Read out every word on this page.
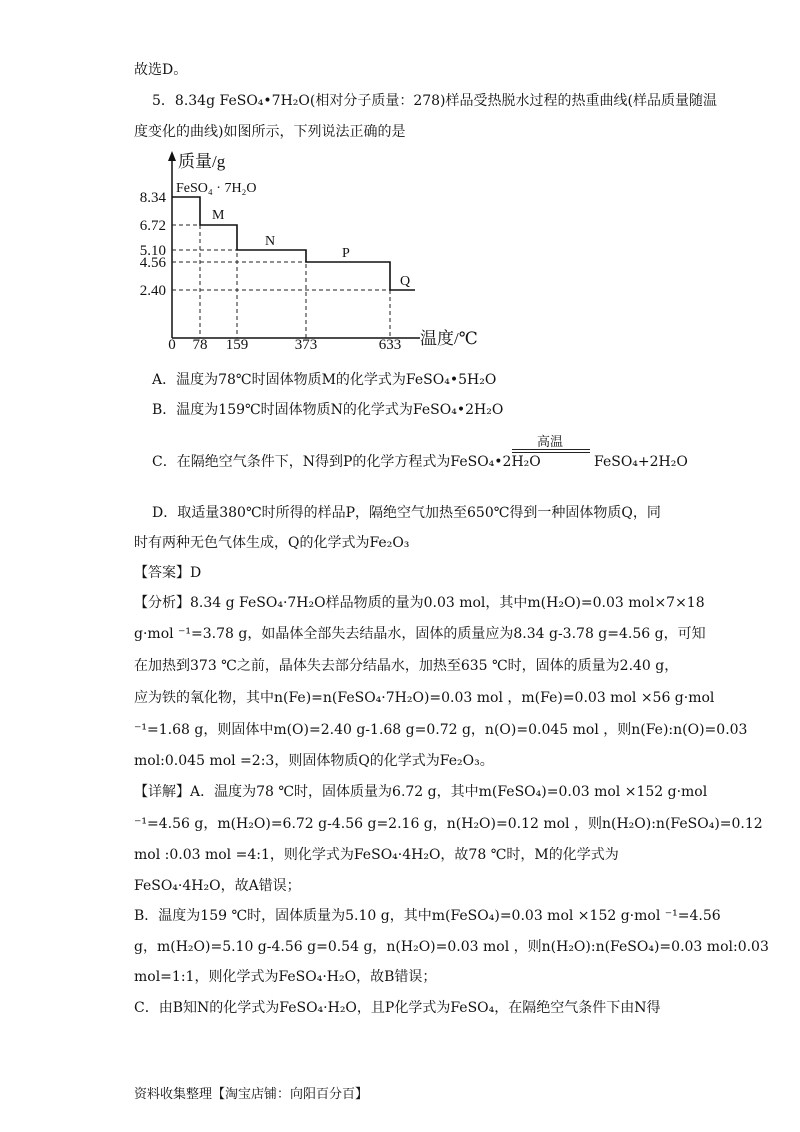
故选D。
5．8.34g FeSO₄•7H₂O(相对分子质量：278)样品受热脱水过程的热重曲线(样品质量随温
度变化的曲线)如图所示，下列说法正确的是
质量/g
温度/℃
8.34
6.72
5.10
4.56
2.40
0 78 159	373	633
FeSO₄ · 7H₂O
M
N
P
Q
A．温度为78℃时固体物质M的化学式为FeSO₄•5H₂O
B．温度为159℃时固体物质N的化学式为FeSO₄•2H₂O
C．在隔绝空气条件下，N得到P的化学方程式为FeSO₄•2H₂O
高温
FeSO₄+2H₂O
D．取适量380℃时所得的样品P，隔绝空气加热至650℃得到一种固体物质Q，同
时有两种无色气体生成，Q的化学式为Fe₂O₃
【答案】D
【分析】8.34 g FeSO₄·7H₂O样品物质的量为0.03 mol，其中m(H₂O)=0.03 mol×7×18
g·mol ⁻¹=3.78 g，如晶体全部失去结晶水，固体的质量应为8.34 g-3.78 g=4.56 g，可知
在加热到373 ℃之前，晶体失去部分结晶水，加热至635 ℃时，固体的质量为2.40 g，
应为铁的氧化物，其中n(Fe)=n(FeSO₄·7H₂O)=0.03 mol ，m(Fe)=0.03 mol ×56 g·mol
⁻¹=1.68 g，则固体中m(O)=2.40 g-1.68 g=0.72 g，n(O)=0.045 mol ，则n(Fe):n(O)=0.03
mol:0.045 mol =2:3，则固体物质Q的化学式为Fe₂O₃。
【详解】A．温度为78 ℃时，固体质量为6.72 g，其中m(FeSO₄)=0.03 mol ×152 g·mol
⁻¹=4.56 g，m(H₂O)=6.72 g-4.56 g=2.16 g，n(H₂O)=0.12 mol ，则n(H₂O):n(FeSO₄)=0.12
mol :0.03 mol =4:1，则化学式为FeSO₄·4H₂O，故78 ℃时，M的化学式为
FeSO₄·4H₂O，故A错误；
B．温度为159 ℃时，固体质量为5.10 g，其中m(FeSO₄)=0.03 mol ×152 g·mol ⁻¹=4.56
g，m(H₂O)=5.10 g-4.56 g=0.54 g，n(H₂O)=0.03 mol ，则n(H₂O):n(FeSO₄)=0.03 mol:0.03
mol=1:1，则化学式为FeSO₄·H₂O，故B错误；
C．由B知N的化学式为FeSO₄·H₂O，且P化学式为FeSO₄，在隔绝空气条件下由N得
资料收集整理【淘宝店铺：向阳百分百】
